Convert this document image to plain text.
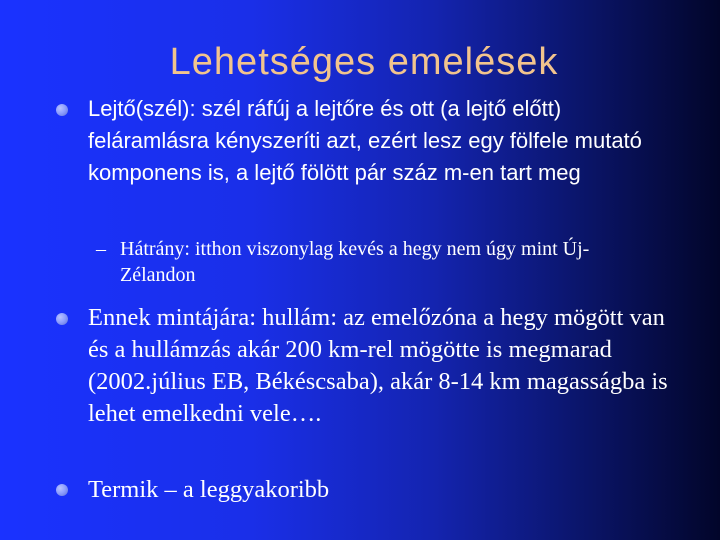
Lehetséges emelések
Lejtő(szél): szél ráfúj a lejtőre és ott (a lejtő előtt) feláramlásra kényszeríti azt, ezért lesz egy fölfele mutató komponens is, a lejtő fölött pár száz m-en tart meg
– Hátrány: itthon viszonylag kevés a hegy nem úgy mint Új-Zélandon
Ennek mintájára: hullám: az emelőzóna a hegy mögött van és a hullámzás akár 200 km-rel mögötte is megmarad (2002.július EB, Békéscsaba), akár 8-14 km magasságba is lehet emelkedni vele….
Termik – a leggyakoribb
